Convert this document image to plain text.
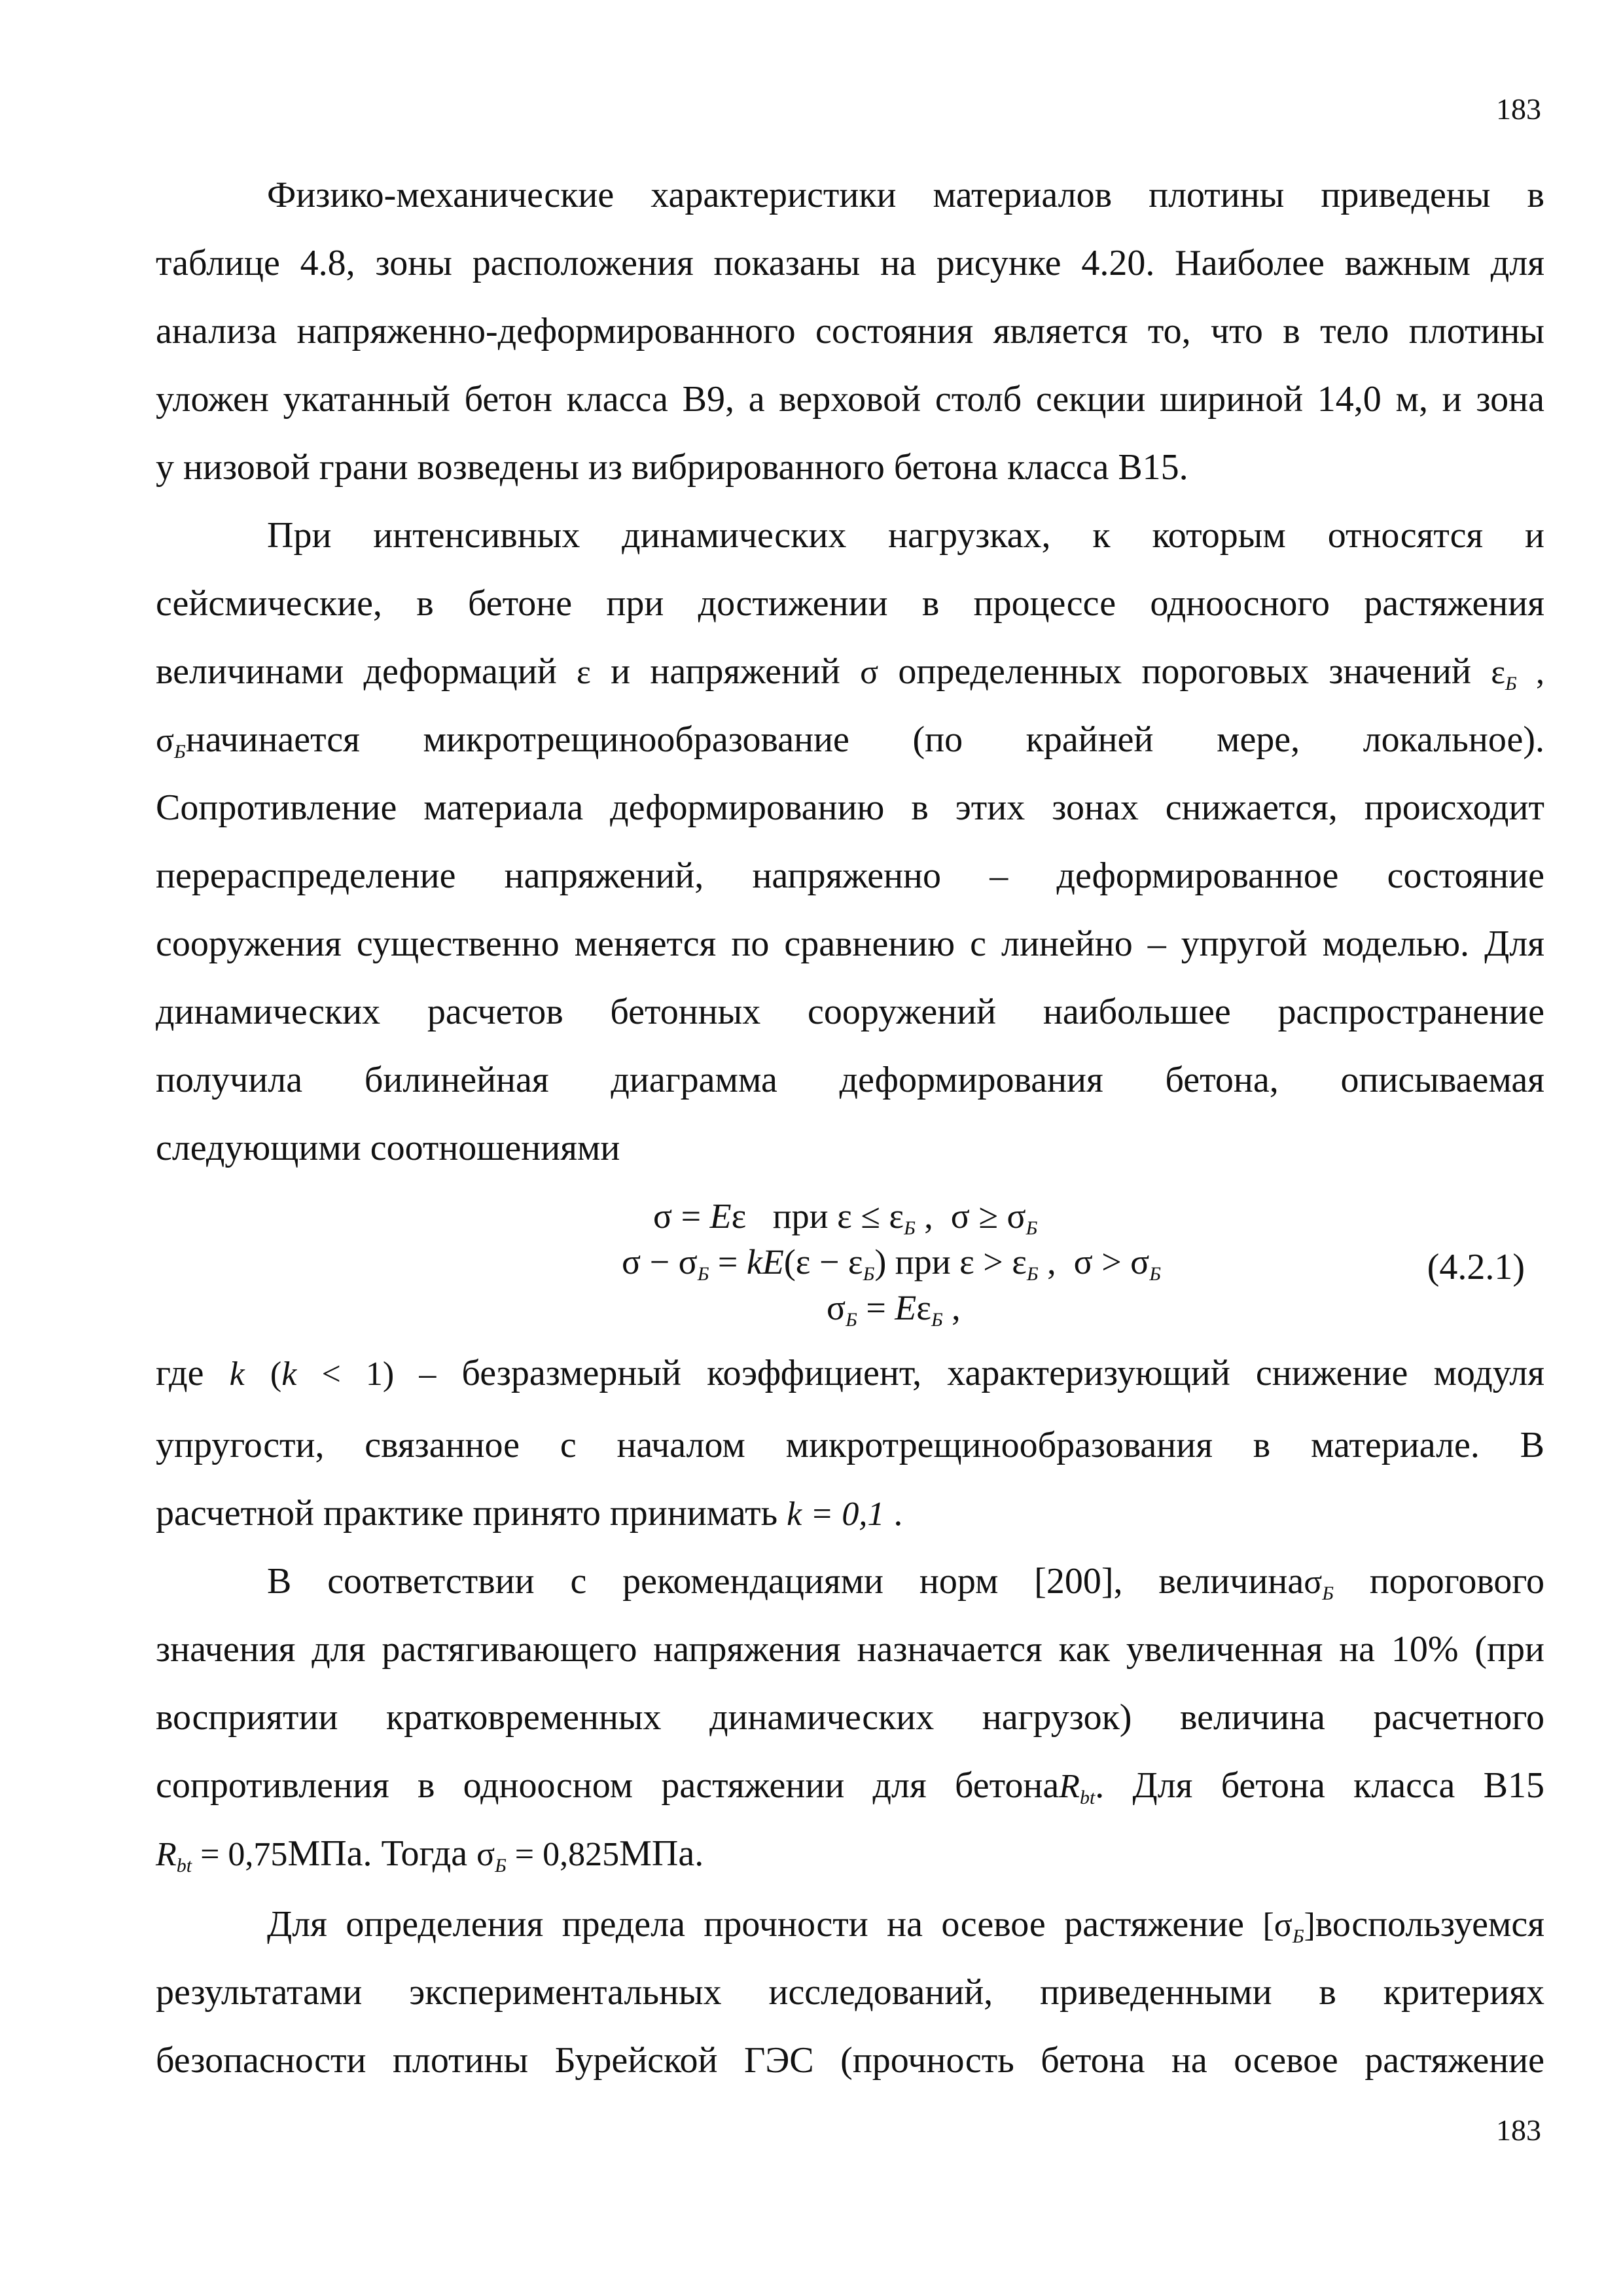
183
Физико-механические характеристики материалов плотины приведены в
таблице 4.8, зоны расположения показаны на рисунке 4.20. Наиболее важным для
анализа напряженно-деформированного состояния является то, что в тело плотины
уложен укатанный бетон класса В9, а верховой столб секции шириной 14,0 м, и зона
у низовой грани возведены из вибрированного бетона класса В15.
При интенсивных динамических нагрузках, к которым относятся и
сейсмические, в бетоне при достижении в процессе одноосного растяжения
величинами деформаций ε и напряжений σ определенных пороговых значений $\varepsilon_Б$ ,
$\sigma_Бначинается$ микротрещинообразование (по крайней мере, локальное).
Сопротивление материала деформированию в этих зонах снижается, происходит
перераспределение напряжений, напряженно – деформированное состояние
сооружения существенно меняется по сравнению с линейно – упругой моделью. Для
динамических расчетов бетонных сооружений наибольшее распространение
получила билинейная диаграмма деформирования бетона, описываемая
следующими соотношениями
σ = Eε   при $\varepsilon \le \varepsilon_Б$ ,  $\sigma \ge \sigma_Б$
$\sigma - \sigma_Б = kE(\varepsilon - \varepsilon_Б)$ при $\varepsilon > \varepsilon_Б$ ,  $\sigma > \sigma_Б$
$\sigma_Б = E\varepsilon_Б$ ,
(4.2.1)
где k (k < 1) – безразмерный коэффициент, характеризующий снижение модуля
упругости, связанное с началом микротрещинообразования в материале. В
расчетной практике принято принимать k = 0,1 .
В соответствии с рекомендациями норм [200], величинаσ$_Б$ порогового
значения для растягивающего напряжения назначается как увеличенная на 10% (при
восприятии кратковременных динамических нагрузок) величина расчетного
сопротивления в одноосном растяжении для бетонаR$_{bt}$. Для бетона класса В15
$R_{bt} = 0,75МПа$. Тогда $\sigma_Б = 0,825МПа$.
Для определения предела прочности на осевое растяжение $[\sigma_Б]воспользуемся$
результатами экспериментальных исследований, приведенными в критериях
безопасности плотины Бурейской ГЭС (прочность бетона на осевое растяжение
183
